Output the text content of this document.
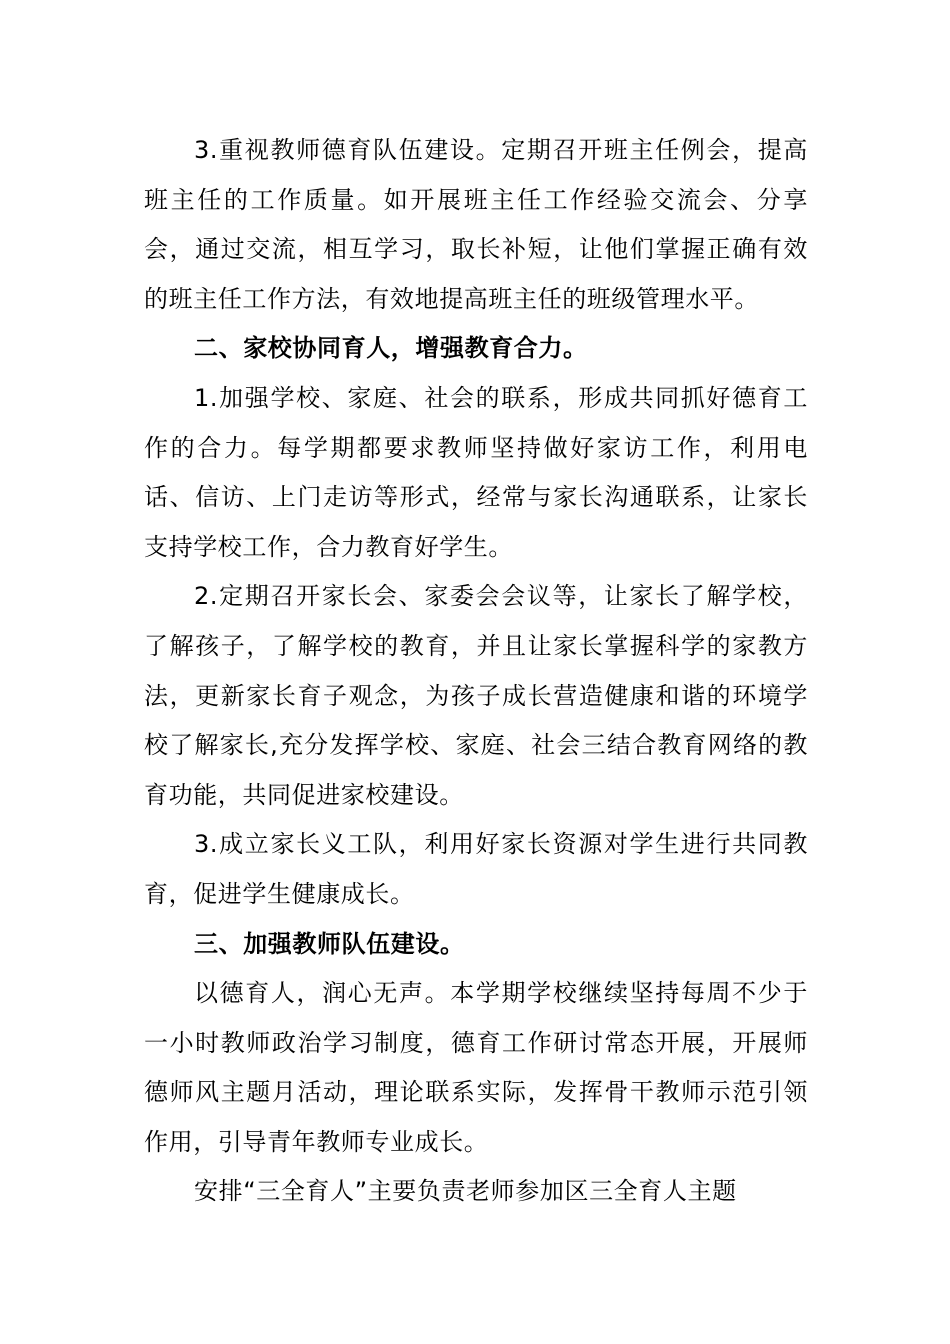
3.重视教师德育队伍建设。定期召开班主任例会，提高班主任的工作质量。如开展班主任工作经验交流会、分享会，通过交流，相互学习，取长补短，让他们掌握正确有效的班主任工作方法，有效地提高班主任的班级管理水平。

二、家校协同育人，增强教育合力。

1.加强学校、家庭、社会的联系，形成共同抓好德育工作的合力。每学期都要求教师坚持做好家访工作，利用电话、信访、上门走访等形式，经常与家长沟通联系，让家长支持学校工作，合力教育好学生。

2.定期召开家长会、家委会会议等，让家长了解学校，了解孩子，了解学校的教育，并且让家长掌握科学的家教方法，更新家长育子观念，为孩子成长营造健康和谐的环境学校了解家长,充分发挥学校、家庭、社会三结合教育网络的教育功能，共同促进家校建设。

3.成立家长义工队，利用好家长资源对学生进行共同教育，促进学生健康成长。

三、加强教师队伍建设。

以德育人，润心无声。本学期学校继续坚持每周不少于一小时教师政治学习制度，德育工作研讨常态开展，开展师德师风主题月活动，理论联系实际，发挥骨干教师示范引领作用，引导青年教师专业成长。

安排“三全育人”主要负责老师参加区三全育人主题
